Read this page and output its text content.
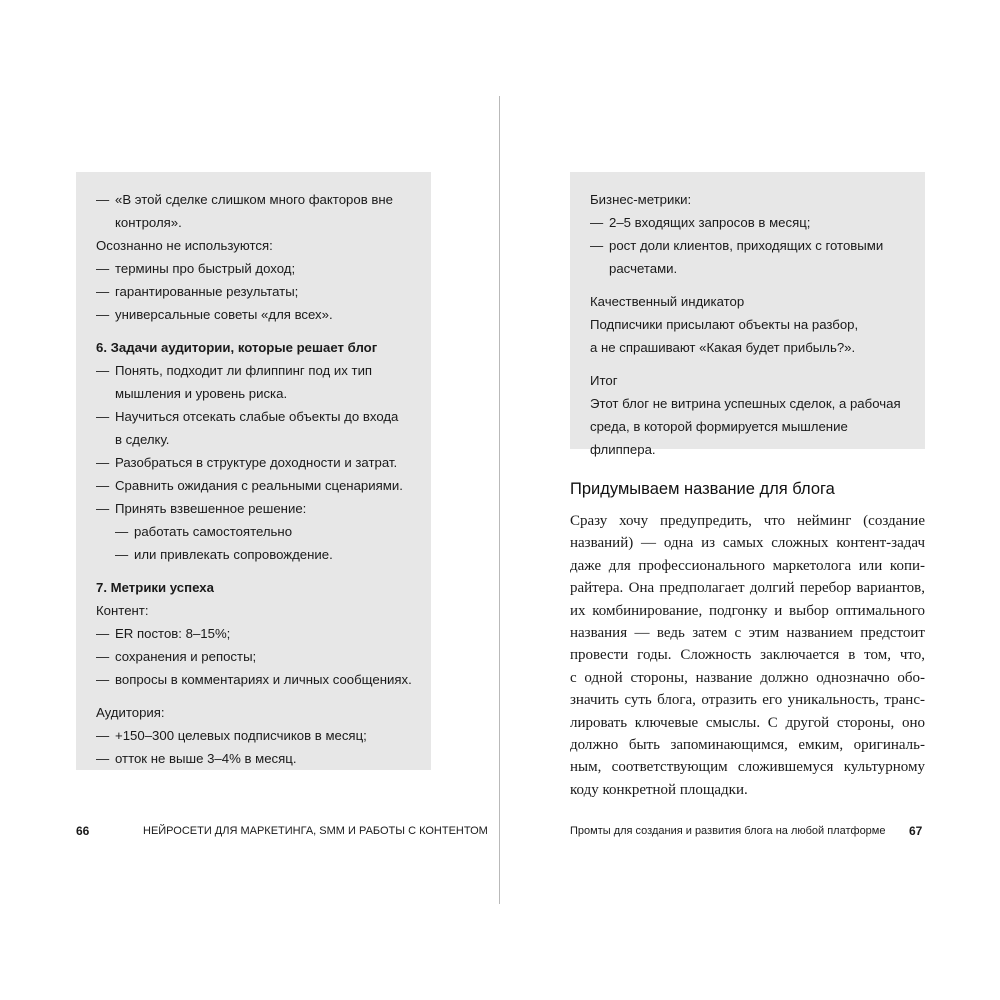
— «В этой сделке слишком много факторов вне

контроля».

Осознанно не используются:

— термины про быстрый доход;
— гарантированные результаты;
— универсальные советы «для всех».

6. Задачи аудитории, которые решает блог

— Понять, подходит ли флиппинг под их тип

мышления и уровень риска.

— Научиться отсекать слабые объекты до входа

в сделку.

— Разобраться в структуре доходности и затрат.
— Сравнить ожидания с реальными сценариями.
— Принять взвешенное решение:
— работать самостоятельно
— или привлекать сопровождение.

7. Метрики успеха

Контент:

— ER постов: 8–15%;
— сохранения и репосты;
— вопросы в комментариях и личных сообщениях.

Аудитория:

— +150–300 целевых подписчиков в месяц;
— отток не выше 3–4% в месяц.

Бизнес-метрики:

— 2–5 входящих запросов в месяц;
— рост доли клиентов, приходящих с готовыми

расчетами.

Качественный индикатор

Подписчики присылают объекты на разбор,

а не спрашивают «Какая будет прибыль?».

Итог

Этот блог не витрина успешных сделок, а рабочая

среда, в которой формируется мышление

флиппера.

Придумываем название для блога
Сразу хочу предупредить, что нейминг (создание
названий) — одна из самых сложных контент-задач
даже для профессионального маркетолога или копи-
райтера. Она предполагает долгий перебор вариантов,
их комбинирование, подгонку и выбор оптимального
названия — ведь затем с этим названием предстоит
провести годы. Сложность заключается в том, что,
с одной стороны, название должно однозначно обо-
значить суть блога, отразить его уникальность, транс-
лировать ключевые смыслы. С другой стороны, оно
должно быть запоминающимся, емким, оригиналь-
ным, соответствующим сложившемуся культурному
коду конкретной площадки.
66	НЕЙРОСЕТИ ДЛЯ МАРКЕТИНГА, SMM И РАБОТЫ С КОНТЕНТОМ	Промты для создания и развития блога на любой платформе 67
